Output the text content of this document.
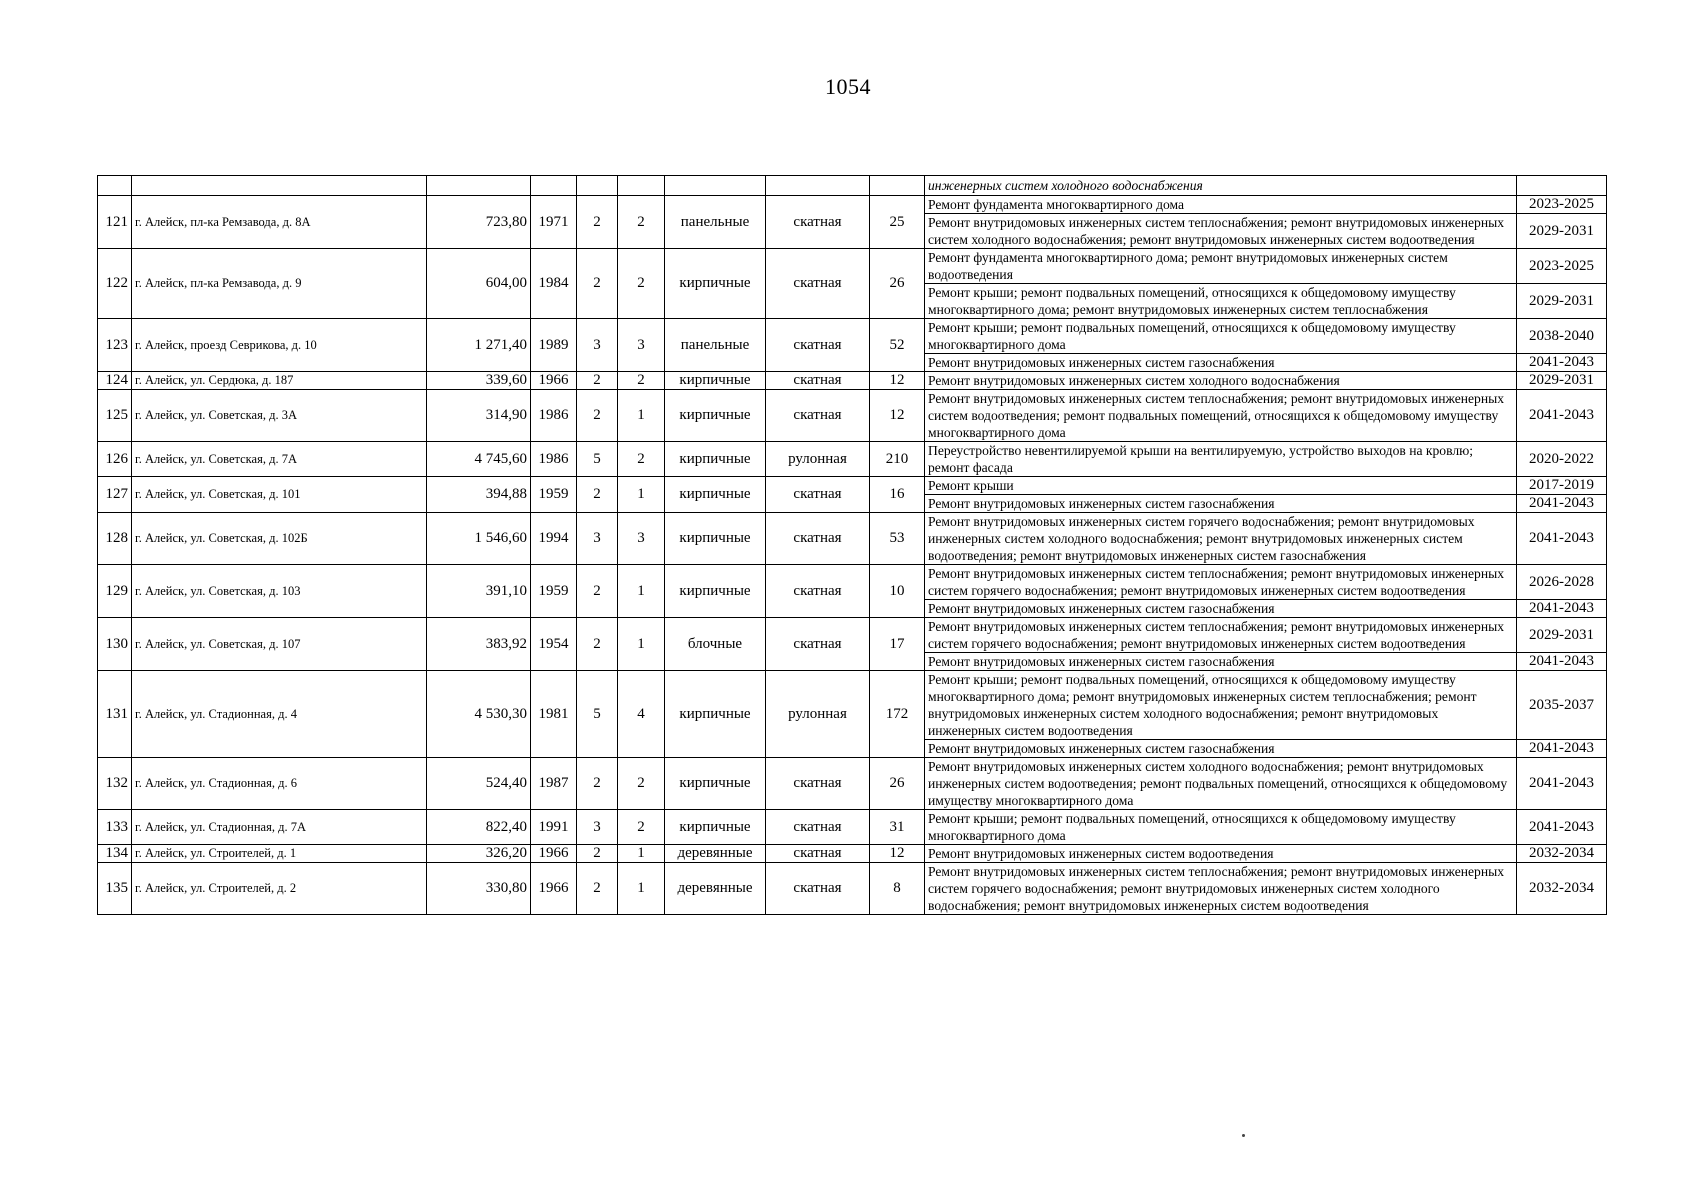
1054
									инженерных систем холодного водоснабжения	
121	г. Алейск, пл-ка Ремзавода, д. 8А	723,80	1971	2	2	панельные	скатная	25	Ремонт фундамента многоквартирного дома	2023-2025
									Ремонт внутридомовых инженерных систем теплоснабжения; ремонт внутридомовых инженерных систем холодного водоснабжения; ремонт внутридомовых инженерных систем водоотведения	2029-2031
122	г. Алейск, пл-ка Ремзавода, д. 9	604,00	1984	2	2	кирпичные	скатная	26	Ремонт фундамента многоквартирного дома; ремонт внутридомовых инженерных систем водоотведения	2023-2025
									Ремонт крыши; ремонт подвальных помещений, относящихся к общедомовому имуществу многоквартирного дома; ремонт внутридомовых инженерных систем теплоснабжения	2029-2031
123	г. Алейск, проезд Севрикова, д. 10	1 271,40	1989	3	3	панельные	скатная	52	Ремонт крыши; ремонт подвальных помещений, относящихся к общедомовому имуществу многоквартирного дома	2038-2040
									Ремонт внутридомовых инженерных систем газоснабжения	2041-2043
124	г. Алейск, ул. Сердюка, д. 187	339,60	1966	2	2	кирпичные	скатная	12	Ремонт внутридомовых инженерных систем холодного водоснабжения	2029-2031
125	г. Алейск, ул. Советская, д. 3А	314,90	1986	2	1	кирпичные	скатная	12	Ремонт внутридомовых инженерных систем теплоснабжения; ремонт внутридомовых инженерных систем водоотведения; ремонт подвальных помещений, относящихся к общедомовому имуществу многоквартирного дома	2041-2043
126	г. Алейск, ул. Советская, д. 7А	4 745,60	1986	5	2	кирпичные	рулонная	210	Переустройство невентилируемой крыши на вентилируемую, устройство выходов на кровлю; ремонт фасада	2020-2022
127	г. Алейск, ул. Советская, д. 101	394,88	1959	2	1	кирпичные	скатная	16	Ремонт крыши	2017-2019
									Ремонт внутридомовых инженерных систем газоснабжения	2041-2043
128	г. Алейск, ул. Советская, д. 102Б	1 546,60	1994	3	3	кирпичные	скатная	53	Ремонт внутридомовых инженерных систем горячего водоснабжения; ремонт внутридомовых инженерных систем холодного водоснабжения; ремонт внутридомовых инженерных систем водоотведения; ремонт внутридомовых инженерных систем газоснабжения	2041-2043
129	г. Алейск, ул. Советская, д. 103	391,10	1959	2	1	кирпичные	скатная	10	Ремонт внутридомовых инженерных систем теплоснабжения; ремонт внутридомовых инженерных систем горячего водоснабжения; ремонт внутридомовых инженерных систем водоотведения	2026-2028
									Ремонт внутридомовых инженерных систем газоснабжения	2041-2043
130	г. Алейск, ул. Советская, д. 107	383,92	1954	2	1	блочные	скатная	17	Ремонт внутридомовых инженерных систем теплоснабжения; ремонт внутридомовых инженерных систем горячего водоснабжения; ремонт внутридомовых инженерных систем водоотведения	2029-2031
									Ремонт внутридомовых инженерных систем газоснабжения	2041-2043
131	г. Алейск, ул. Стадионная, д. 4	4 530,30	1981	5	4	кирпичные	рулонная	172	Ремонт крыши; ремонт подвальных помещений, относящихся к общедомовому имуществу многоквартирного дома; ремонт внутридомовых инженерных систем теплоснабжения; ремонт внутридомовых инженерных систем холодного водоснабжения; ремонт внутридомовых инженерных систем водоотведения	2035-2037
									Ремонт внутридомовых инженерных систем газоснабжения	2041-2043
132	г. Алейск, ул. Стадионная, д. 6	524,40	1987	2	2	кирпичные	скатная	26	Ремонт внутридомовых инженерных систем холодного водоснабжения; ремонт внутридомовых инженерных систем водоотведения; ремонт подвальных помещений, относящихся к общедомовому имуществу многоквартирного дома	2041-2043
133	г. Алейск, ул. Стадионная, д. 7А	822,40	1991	3	2	кирпичные	скатная	31	Ремонт крыши; ремонт подвальных помещений, относящихся к общедомовому имуществу многоквартирного дома	2041-2043
134	г. Алейск, ул. Строителей, д. 1	326,20	1966	2	1	деревянные	скатная	12	Ремонт внутридомовых инженерных систем водоотведения	2032-2034
135	г. Алейск, ул. Строителей, д. 2	330,80	1966	2	1	деревянные	скатная	8	Ремонт внутридомовых инженерных систем теплоснабжения; ремонт внутридомовых инженерных систем горячего водоснабжения; ремонт внутридомовых инженерных систем холодного водоснабжения; ремонт внутридомовых инженерных систем водоотведения	2032-2034
